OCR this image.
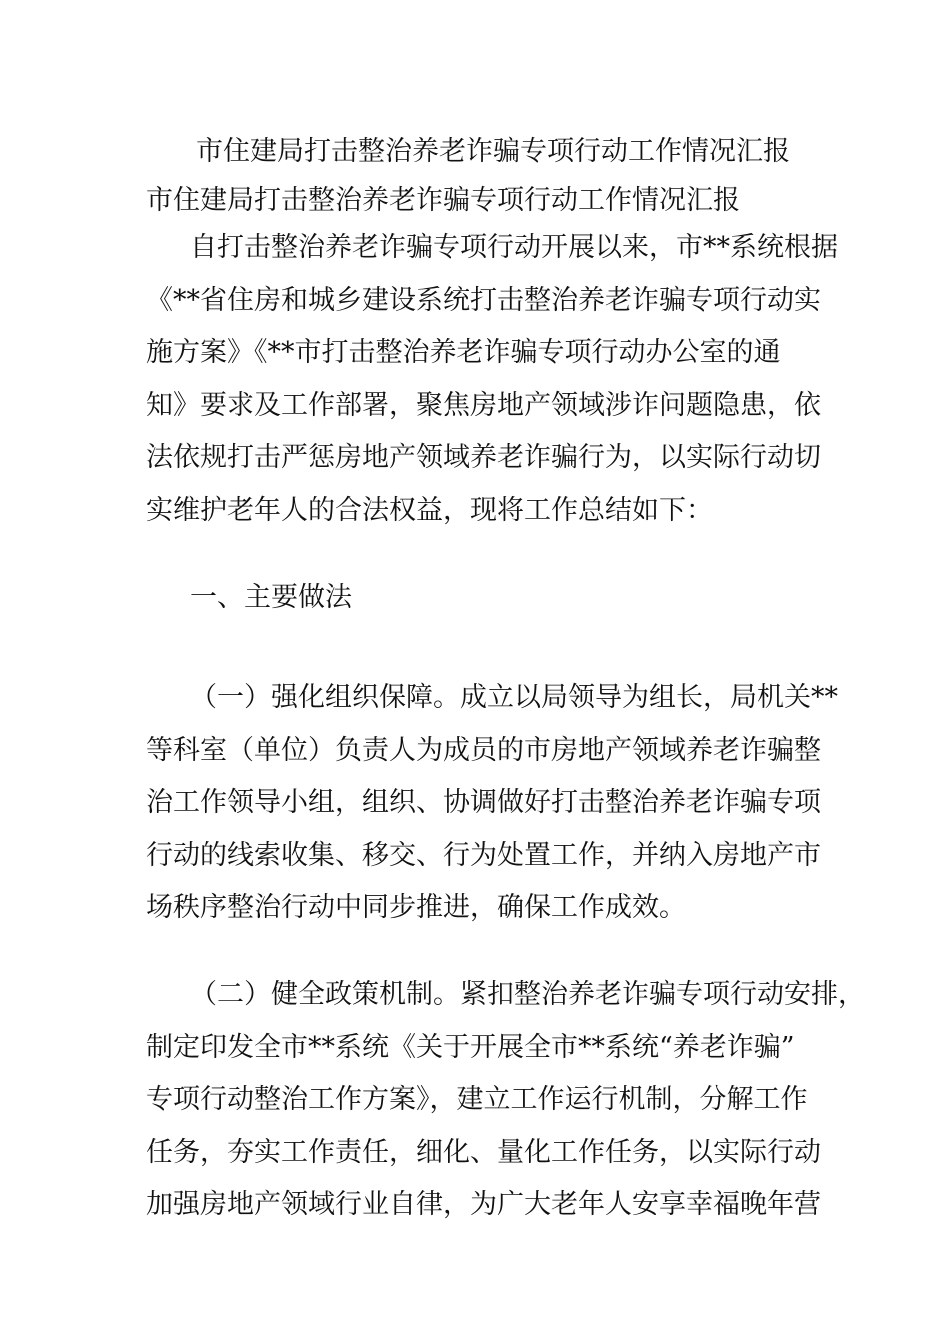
市住建局打击整治养老诈骗专项行动工作情况汇报
市住建局打击整治养老诈骗专项行动工作情况汇报
自打击整治养老诈骗专项行动开展以来，市**系统根据
《**省住房和城乡建设系统打击整治养老诈骗专项行动实
施方案》《**市打击整治养老诈骗专项行动办公室的通
知》要求及工作部署，聚焦房地产领域涉诈问题隐患，依
法依规打击严惩房地产领域养老诈骗行为，以实际行动切
实维护老年人的合法权益，现将工作总结如下：
一、主要做法
（一）强化组织保障。成立以局领导为组长，局机关**
等科室（单位）负责人为成员的市房地产领域养老诈骗整
治工作领导小组，组织、协调做好打击整治养老诈骗专项
行动的线索收集、移交、行为处置工作，并纳入房地产市
场秩序整治行动中同步推进，确保工作成效。
（二）健全政策机制。紧扣整治养老诈骗专项行动安排，
制定印发全市**系统《关于开展全市**系统“养老诈骗”
专项行动整治工作方案》，建立工作运行机制，分解工作
任务，夯实工作责任，细化、量化工作任务，以实际行动
加强房地产领域行业自律，为广大老年人安享幸福晚年营
